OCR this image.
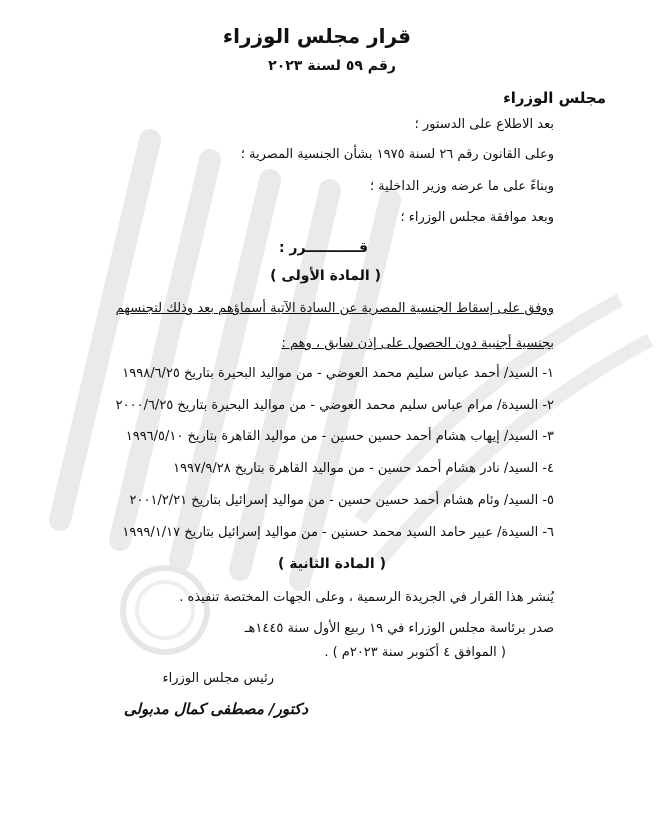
قرار مجلس الوزراء
رقم ٥٩ لسنة ٢٠٢٣
مجلس الوزراء
بعد الاطلاع على الدستور ؛
وعلى القانون رقم ٢٦ لسنة ١٩٧٥ بشأن الجنسية المصرية ؛
وبناءً على ما عرضه وزير الداخلية ؛
وبعد موافقة مجلس الوزراء ؛
قـــــــــــرر :
( المادة الأولى )
ووفق على إسقاط الجنسية المصرية عن السادة الآتية أسماؤهم بعد وذلك لتجنسهم
بجنسية أجنبية دون الحصول على إذن سابق ، وهم :
١- السيد/ أحمد عباس سليم محمد العوضي - من مواليد البحيرة بتاريخ ١٩٩٨/٦/٢٥
٢- السيدة/ مرام عباس سليم محمد العوضي - من مواليد البحيرة بتاريخ ٢٠٠٠/٦/٢٥
٣- السيد/ إيهاب هشام أحمد حسين حسين - من مواليد القاهرة بتاريخ ١٩٩٦/٥/١٠
٤- السيد/ نادر هشام أحمد حسين - من مواليد القاهرة بتاريخ ١٩٩٧/٩/٢٨
٥- السيد/ وئام هشام أحمد حسين حسين - من مواليد إسرائيل بتاريخ ٢٠٠١/٢/٢١
٦- السيدة/ عبير حامد السيد محمد حسنين - من مواليد إسرائيل بتاريخ ١٩٩٩/١/١٧
( المادة الثانية )
يُنشر هذا القرار في الجريدة الرسمية ، وعلى الجهات المختصة تنفيذه .
صدر برئاسة مجلس الوزراء في ١٩ ربيع الأول سنة ١٤٤٥هـ
( الموافق ٤ أكتوبر سنة ٢٠٢٣م ) .
رئيس مجلس الوزراء
دكتور/ مصطفى كمال مدبولى
